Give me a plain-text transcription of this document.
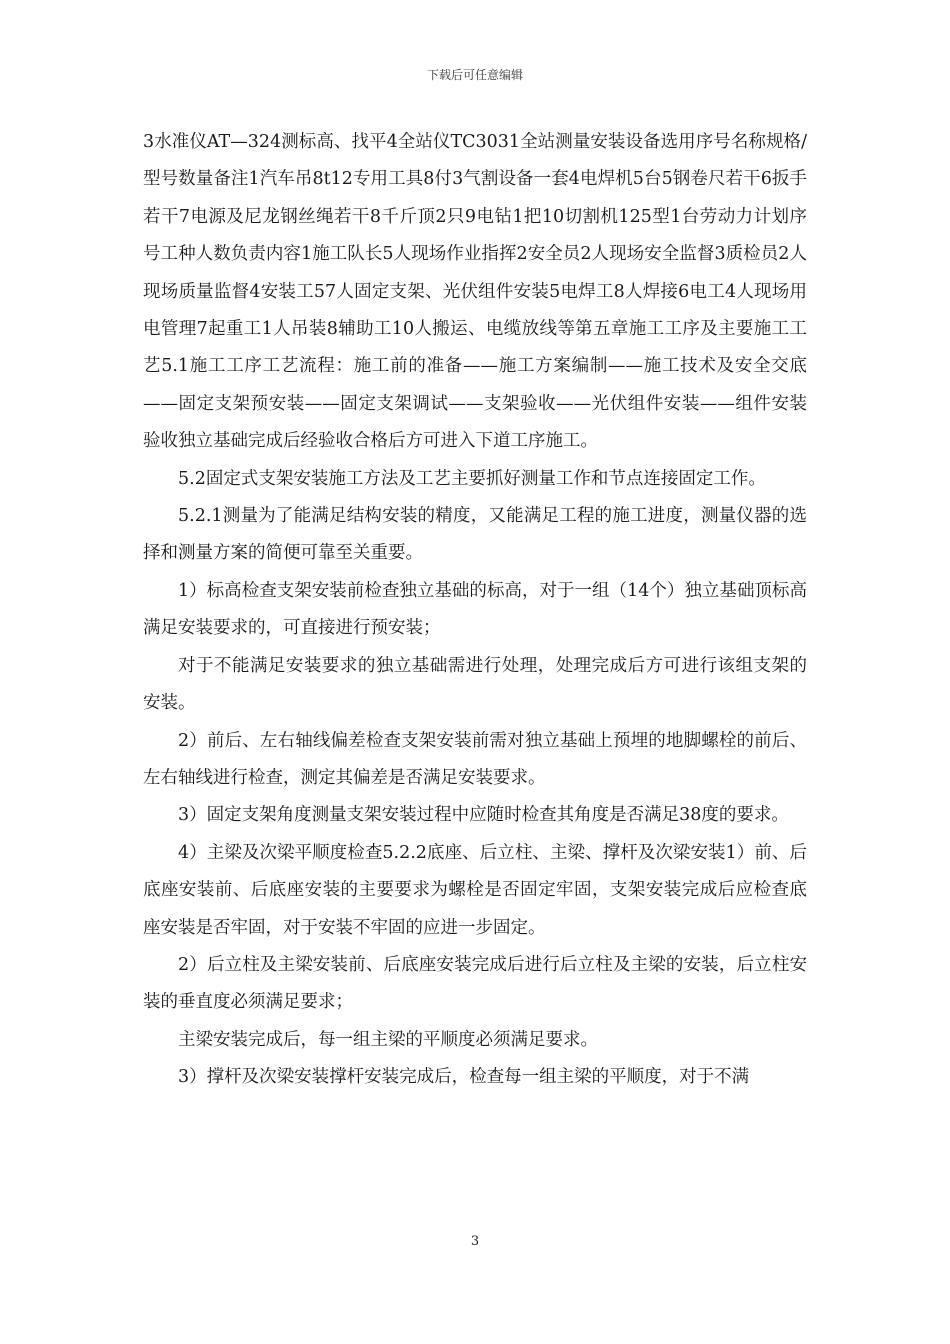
下载后可任意编辑

3水准仪AT—324测标高、找平4全站仪TC3031全站测量安装设备选用序号名称规格/型号数量备注1汽车吊8t12专用工具8付3气割设备一套4电焊机5台5钢卷尺若干6扳手若干7电源及尼龙钢丝绳若干8千斤顶2只9电钻1把10切割机125型1台劳动力计划序号工种人数负责内容1施工队长5人现场作业指挥2安全员2人现场安全监督3质检员2人现场质量监督4安装工57人固定支架、光伏组件安装5电焊工8人焊接6电工4人现场用电管理7起重工1人吊装8辅助工10人搬运、电缆放线等第五章施工工序及主要施工工艺5.1施工工序工艺流程：施工前的准备——施工方案编制——施工技术及安全交底——固定支架预安装——固定支架调试——支架验收——光伏组件安装——组件安装验收独立基础完成后经验收合格后方可进入下道工序施工。

5.2固定式支架安装施工方法及工艺主要抓好测量工作和节点连接固定工作。

5.2.1测量为了能满足结构安装的精度，又能满足工程的施工进度，测量仪器的选择和测量方案的简便可靠至关重要。

1）标高检查支架安装前检查独立基础的标高，对于一组（14个）独立基础顶标高满足安装要求的，可直接进行预安装；

对于不能满足安装要求的独立基础需进行处理，处理完成后方可进行该组支架的安装。

2）前后、左右轴线偏差检查支架安装前需对独立基础上预埋的地脚螺栓的前后、左右轴线进行检查，测定其偏差是否满足安装要求。

3）固定支架角度测量支架安装过程中应随时检查其角度是否满足38度的要求。

4）主梁及次梁平顺度检查5.2.2底座、后立柱、主梁、撑杆及次梁安装1）前、后底座安装前、后底座安装的主要要求为螺栓是否固定牢固，支架安装完成后应检查底座安装是否牢固，对于安装不牢固的应进一步固定。

2）后立柱及主梁安装前、后底座安装完成后进行后立柱及主梁的安装，后立柱安装的垂直度必须满足要求；

主梁安装完成后，每一组主梁的平顺度必须满足要求。

3）撑杆及次梁安装撑杆安装完成后，检查每一组主梁的平顺度，对于不满

3
